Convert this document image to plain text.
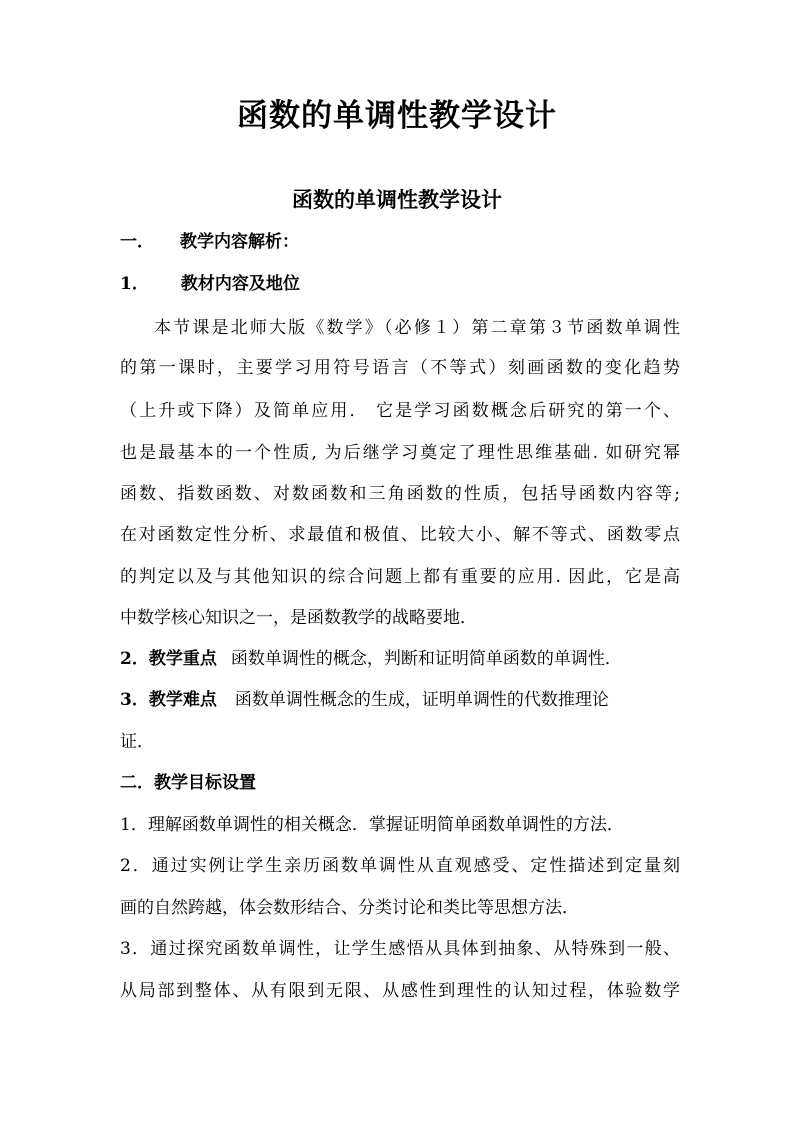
函数的单调性教学设计
函数的单调性教学设计
一． 教学内容解析：
1． 教材内容及地位
本节课是北师大版《数学》（必修１）第二章第３节函数单调性
的第一课时，主要学习用符号语言（不等式）刻画函数的变化趋势
（上升或下降）及简单应用． 它是学习函数概念后研究的第一个、
也是最基本的一个性质, 为后继学习奠定了理性思维基础. 如研究幂
函数、指数函数、对数函数和三角函数的性质，包括导函数内容等;
在对函数定性分析、求最值和极值、比较大小、解不等式、函数零点
的判定以及与其他知识的综合问题上都有重要的应用. 因此，它是高
中数学核心知识之一，是函数教学的战略要地．
2．教学重点 函数单调性的概念，判断和证明简单函数的单调性．
3．教学难点 函数单调性概念的生成，证明单调性的代数推理论
证．
二．教学目标设置
1．理解函数单调性的相关概念．掌握证明简单函数单调性的方法．
2．通过实例让学生亲历函数单调性从直观感受、定性描述到定量刻
画的自然跨越，体会数形结合、分类讨论和类比等思想方法．
3．通过探究函数单调性，让学生感悟从具体到抽象、从特殊到一般、
从局部到整体、从有限到无限、从感性到理性的认知过程，体验数学
